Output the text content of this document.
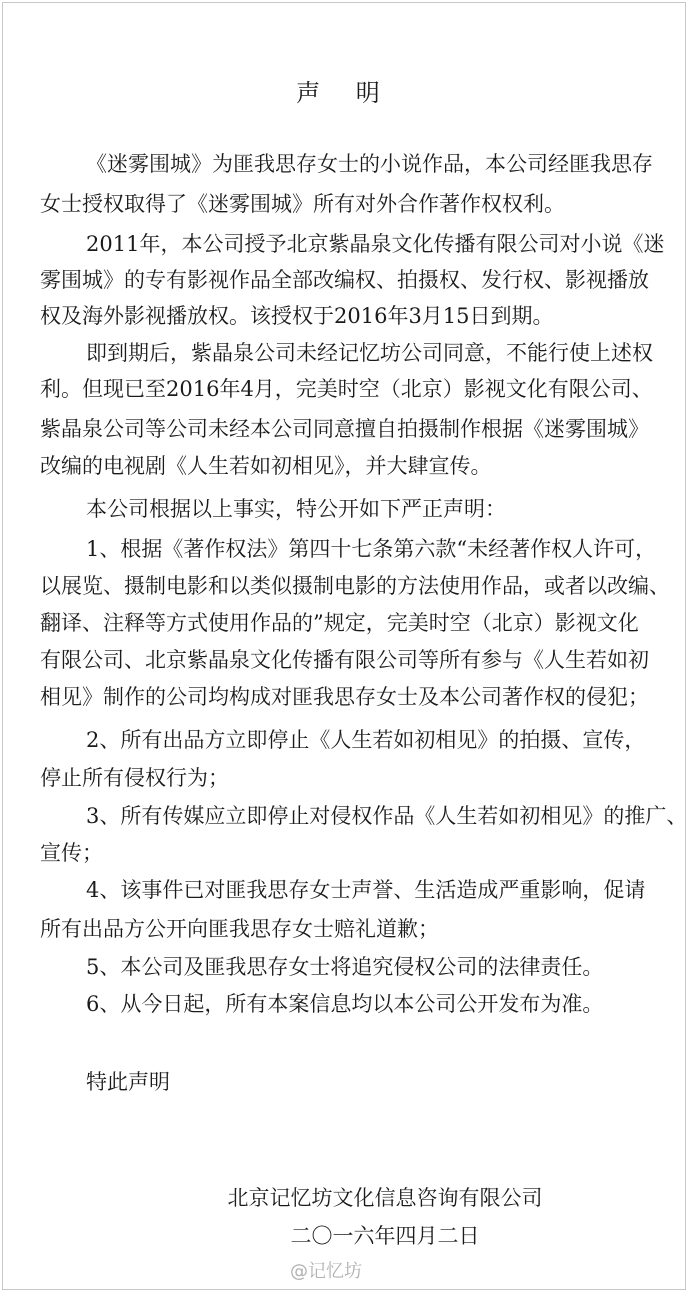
声 明
《迷雾围城》为匪我思存女士的小说作品，本公司经匪我思存
女士授权取得了《迷雾围城》所有对外合作著作权权利。
2011年，本公司授予北京紫晶泉文化传播有限公司对小说《迷
雾围城》的专有影视作品全部改编权、拍摄权、发行权、影视播放
权及海外影视播放权。该授权于2016年3月15日到期。
即到期后，紫晶泉公司未经记忆坊公司同意，不能行使上述权
利。但现已至2016年4月，完美时空（北京）影视文化有限公司、
紫晶泉公司等公司未经本公司同意擅自拍摄制作根据《迷雾围城》
改编的电视剧《人生若如初相见》，并大肆宣传。
本公司根据以上事实，特公开如下严正声明：
1、根据《著作权法》第四十七条第六款“未经著作权人许可，
以展览、摄制电影和以类似摄制电影的方法使用作品，或者以改编、
翻译、注释等方式使用作品的”规定，完美时空（北京）影视文化
有限公司、北京紫晶泉文化传播有限公司等所有参与《人生若如初
相见》制作的公司均构成对匪我思存女士及本公司著作权的侵犯；
2、所有出品方立即停止《人生若如初相见》的拍摄、宣传，
停止所有侵权行为；
3、所有传媒应立即停止对侵权作品《人生若如初相见》的推广、
宣传；
4、该事件已对匪我思存女士声誉、生活造成严重影响，促请
所有出品方公开向匪我思存女士赔礼道歉；
5、本公司及匪我思存女士将追究侵权公司的法律责任。
6、从今日起，所有本案信息均以本公司公开发布为准。
特此声明
北京记忆坊文化信息咨询有限公司
二〇一六年四月二日
@记忆坊
